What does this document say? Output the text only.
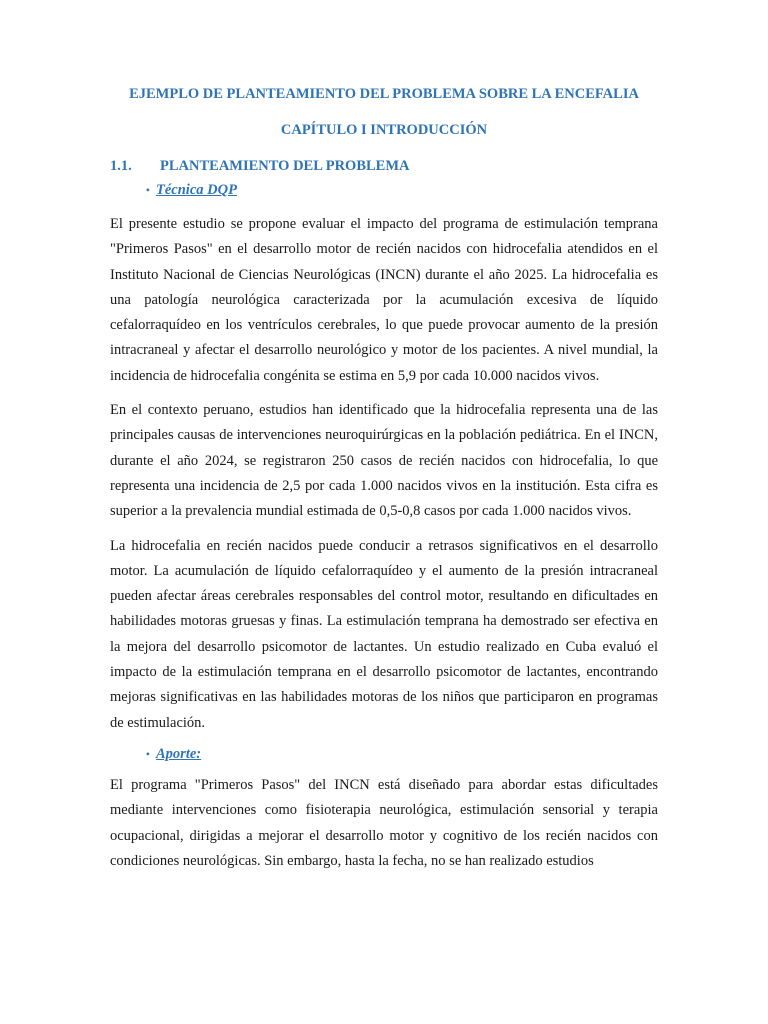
EJEMPLO DE PLANTEAMIENTO DEL PROBLEMA SOBRE LA ENCEFALIA
CAPÍTULO I INTRODUCCIÓN
1.1.	PLANTEAMIENTO DEL PROBLEMA
• Técnica DQP

El presente estudio se propone evaluar el impacto del programa de estimulación temprana "Primeros Pasos" en el desarrollo motor de recién nacidos con hidrocefalia atendidos en el Instituto Nacional de Ciencias Neurológicas (INCN) durante el año 2025. La hidrocefalia es una patología neurológica caracterizada por la acumulación excesiva de líquido cefalorraquídeo en los ventrículos cerebrales, lo que puede provocar aumento de la presión intracraneal y afectar el desarrollo neurológico y motor de los pacientes. A nivel mundial, la incidencia de hidrocefalia congénita se estima en 5,9 por cada 10.000 nacidos vivos.

En el contexto peruano, estudios han identificado que la hidrocefalia representa una de las principales causas de intervenciones neuroquirúrgicas en la población pediátrica. En el INCN, durante el año 2024, se registraron 250 casos de recién nacidos con hidrocefalia, lo que representa una incidencia de 2,5 por cada 1.000 nacidos vivos en la institución. Esta cifra es superior a la prevalencia mundial estimada de 0,5-0,8 casos por cada 1.000 nacidos vivos.

La hidrocefalia en recién nacidos puede conducir a retrasos significativos en el desarrollo motor. La acumulación de líquido cefalorraquídeo y el aumento de la presión intracraneal pueden afectar áreas cerebrales responsables del control motor, resultando en dificultades en habilidades motoras gruesas y finas. La estimulación temprana ha demostrado ser efectiva en la mejora del desarrollo psicomotor de lactantes. Un estudio realizado en Cuba evaluó el impacto de la estimulación temprana en el desarrollo psicomotor de lactantes, encontrando mejoras significativas en las habilidades motoras de los niños que participaron en programas de estimulación.

• Aporte:

El programa "Primeros Pasos" del INCN está diseñado para abordar estas dificultades mediante intervenciones como fisioterapia neurológica, estimulación sensorial y terapia ocupacional, dirigidas a mejorar el desarrollo motor y cognitivo de los recién nacidos con condiciones neurológicas. Sin embargo, hasta la fecha, no se han realizado estudios
